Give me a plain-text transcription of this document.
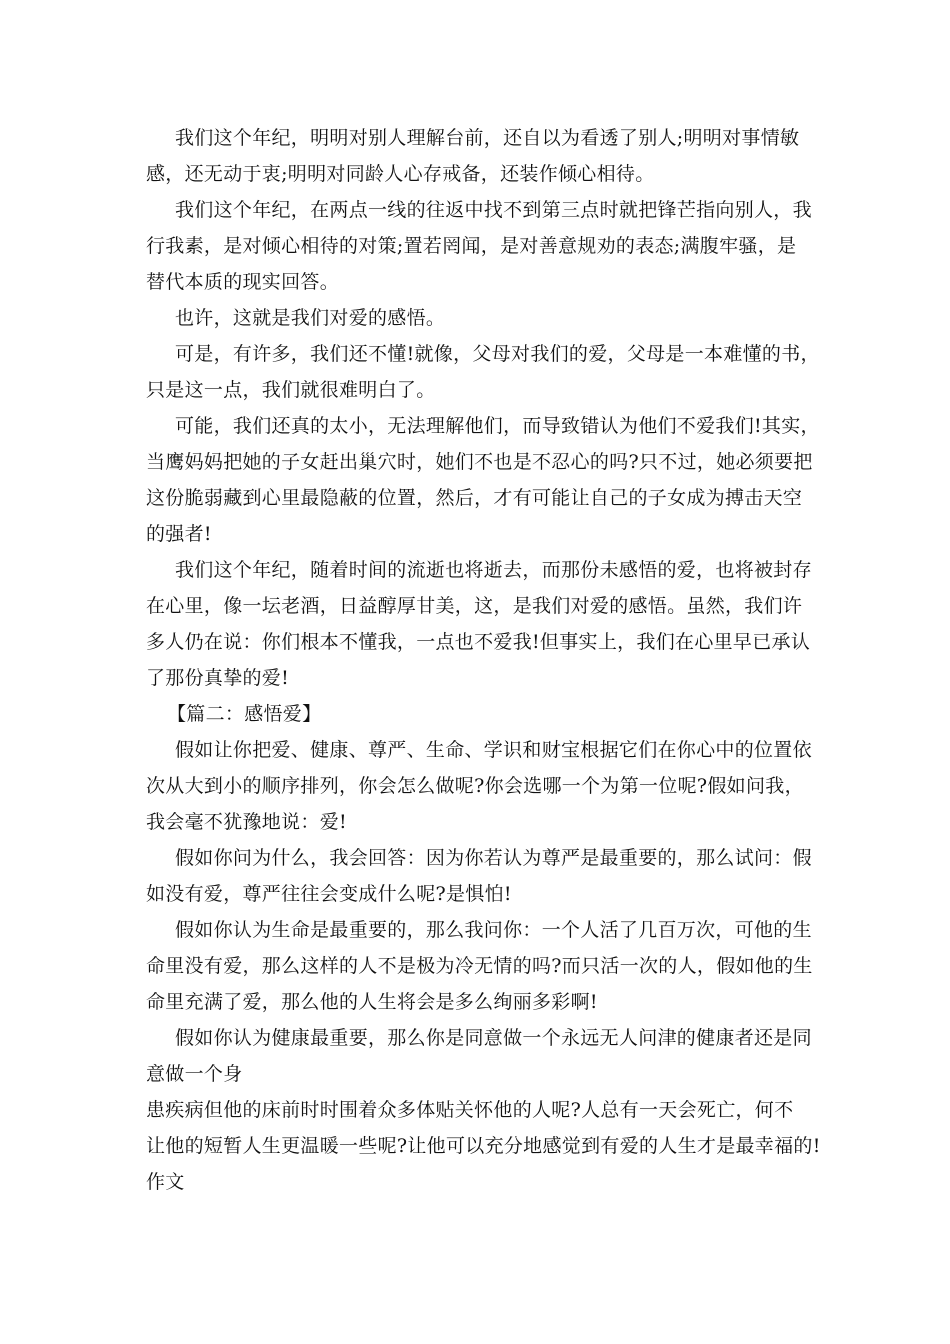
我们这个年纪，明明对别人理解台前，还自以为看透了别人;明明对事情敏
感，还无动于衷;明明对同龄人心存戒备，还装作倾心相待。
我们这个年纪，在两点一线的往返中找不到第三点时就把锋芒指向别人，我
行我素，是对倾心相待的对策;置若罔闻，是对善意规劝的表态;满腹牢骚，是
替代本质的现实回答。
也许，这就是我们对爱的感悟。
可是，有许多，我们还不懂!就像，父母对我们的爱，父母是一本难懂的书，
只是这一点，我们就很难明白了。
可能，我们还真的太小，无法理解他们，而导致错认为他们不爱我们!其实，
当鹰妈妈把她的子女赶出巢穴时，她们不也是不忍心的吗?只不过，她必须要把
这份脆弱藏到心里最隐蔽的位置，然后，才有可能让自己的子女成为搏击天空
的强者!
我们这个年纪，随着时间的流逝也将逝去，而那份未感悟的爱，也将被封存
在心里，像一坛老酒，日益醇厚甘美，这，是我们对爱的感悟。虽然，我们许
多人仍在说：你们根本不懂我，一点也不爱我!但事实上，我们在心里早已承认
了那份真挚的爱!
【篇二：感悟爱】
假如让你把爱、健康、尊严、生命、学识和财宝根据它们在你心中的位置依
次从大到小的顺序排列，你会怎么做呢?你会选哪一个为第一位呢?假如问我，
我会毫不犹豫地说：爱!
假如你问为什么，我会回答：因为你若认为尊严是最重要的，那么试问：假
如没有爱，尊严往往会变成什么呢?是惧怕!
假如你认为生命是最重要的，那么我问你：一个人活了几百万次，可他的生
命里没有爱，那么这样的人不是极为冷无情的吗?而只活一次的人，假如他的生
命里充满了爱，那么他的人生将会是多么绚丽多彩啊!
假如你认为健康最重要，那么你是同意做一个永远无人问津的健康者还是同
意做一个身
患疾病但他的床前时时围着众多体贴关怀他的人呢?人总有一天会死亡，何不
让他的短暂人生更温暖一些呢?让他可以充分地感觉到有爱的人生才是最幸福的!
作文
